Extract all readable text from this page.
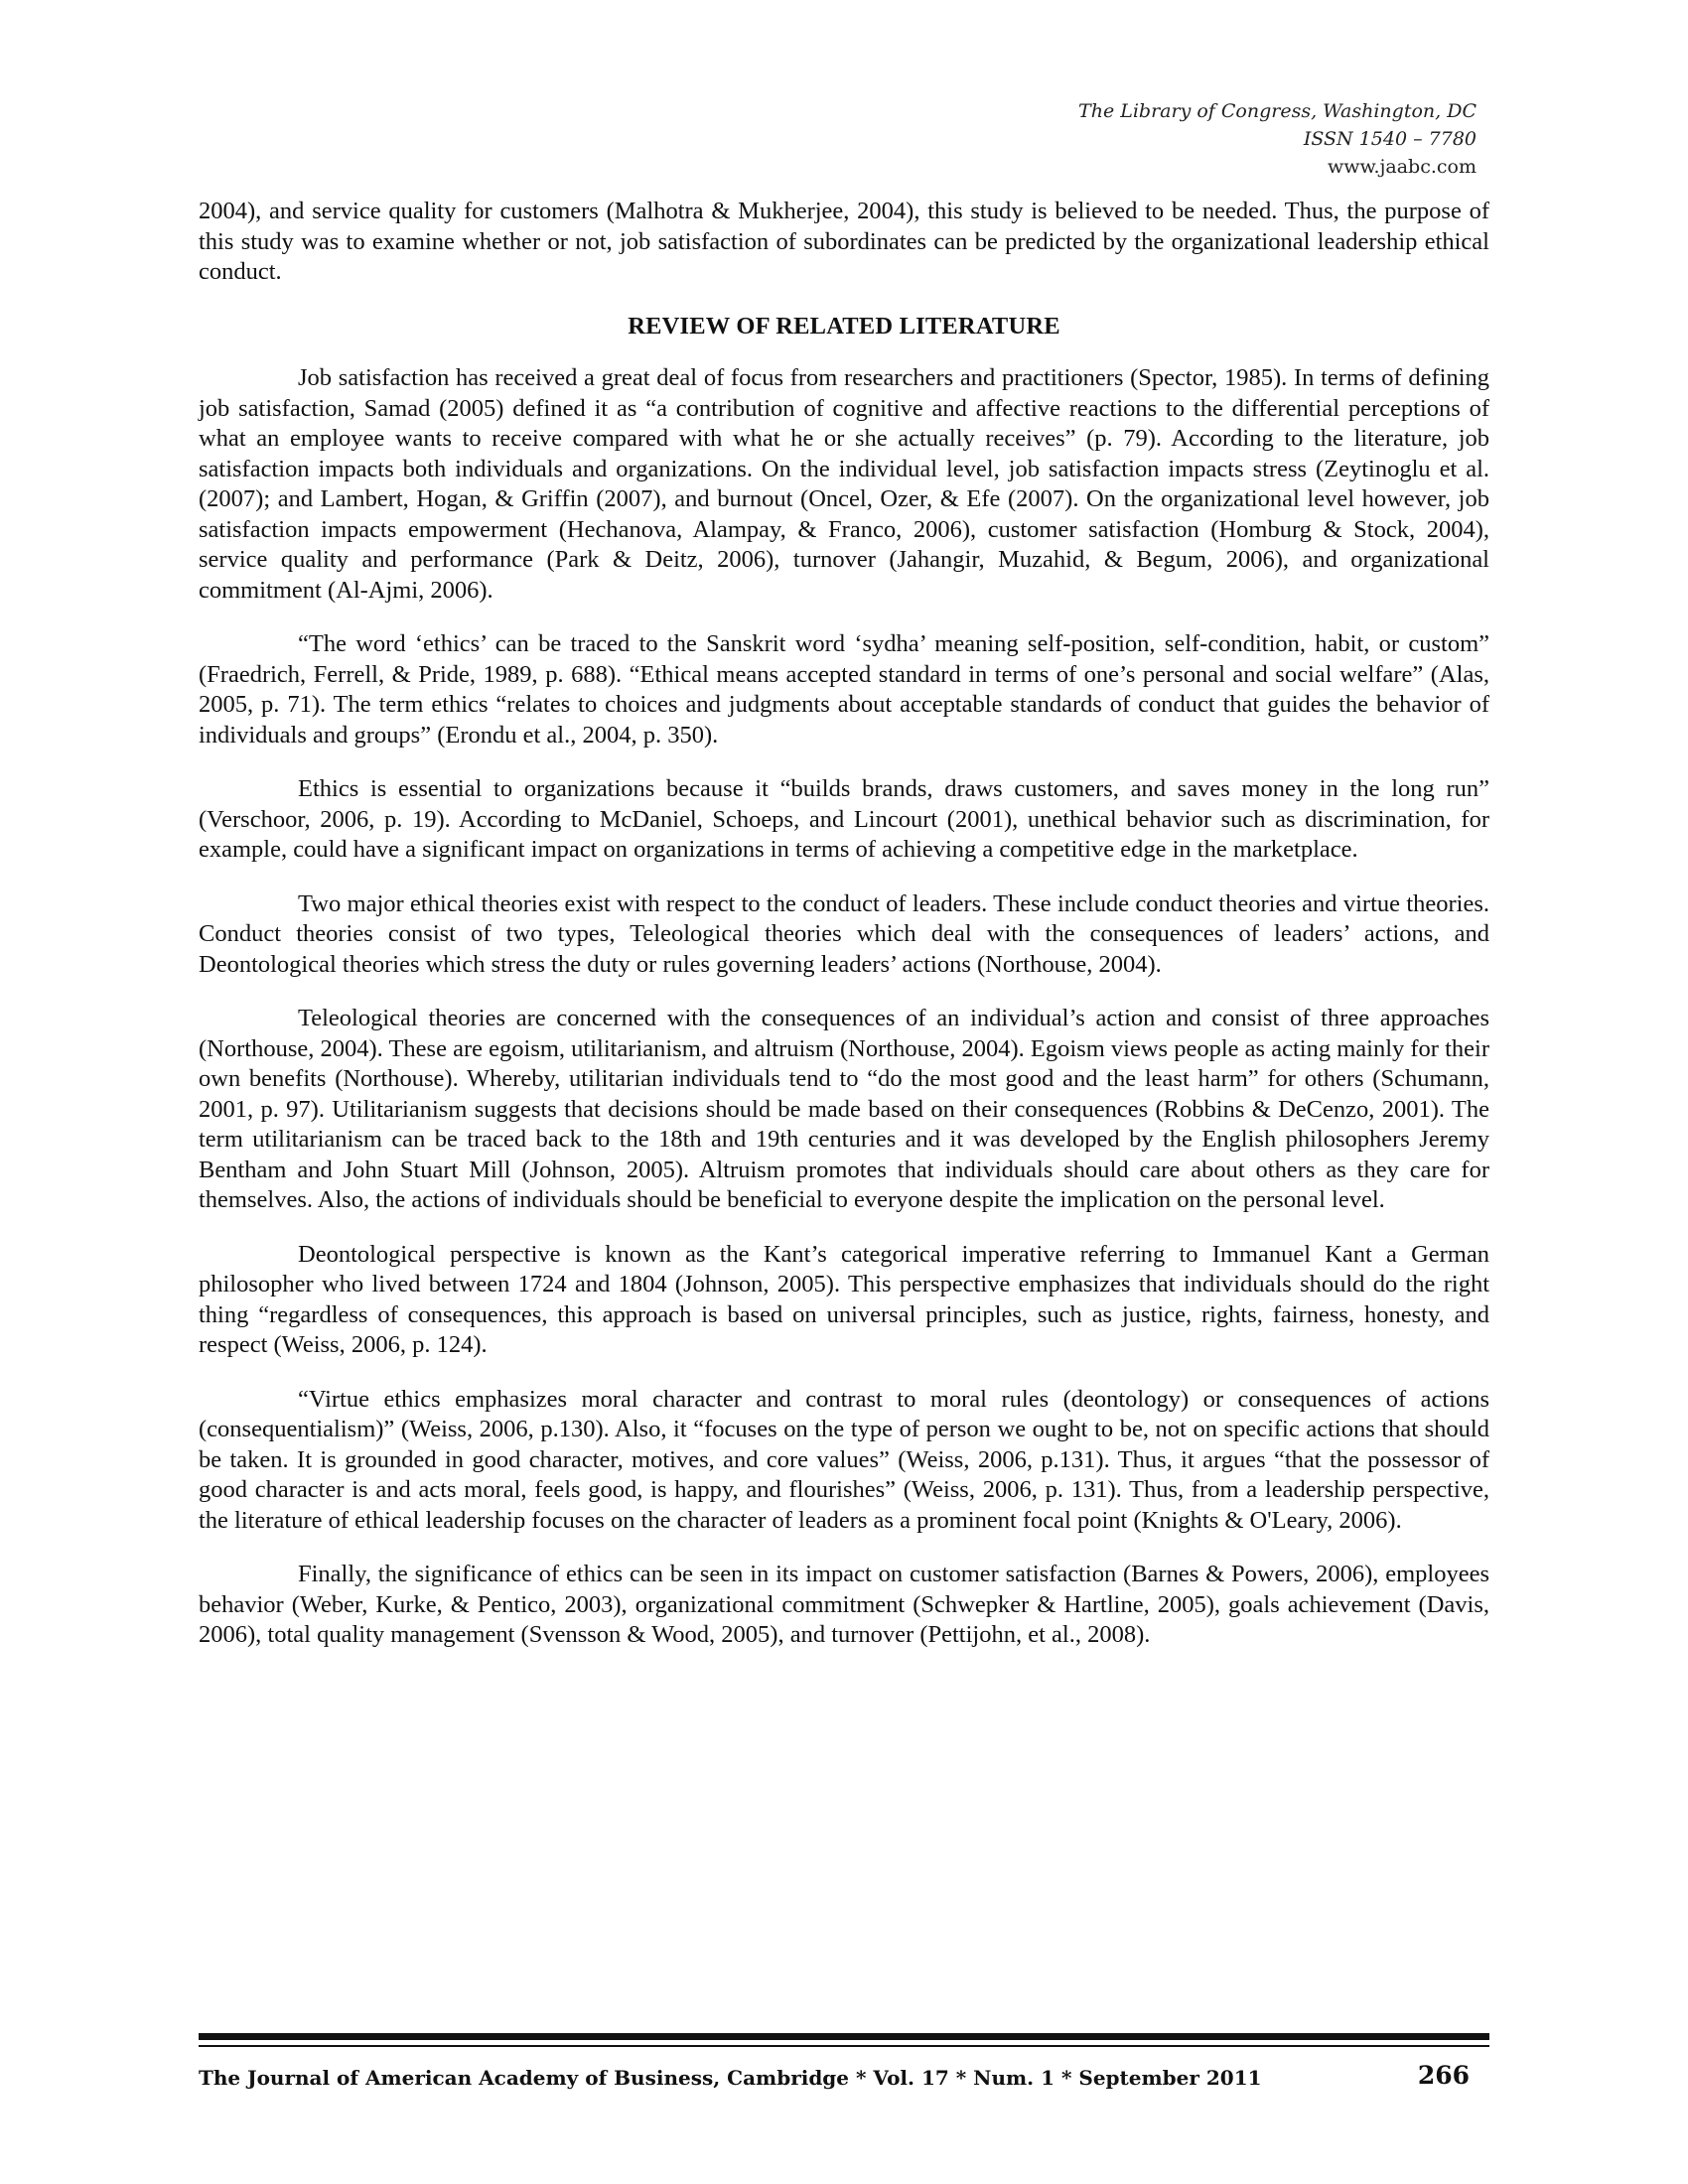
The Library of Congress, Washington, DC
ISSN 1540 – 7780
www.jaabc.com

2004), and service quality for customers (Malhotra & Mukherjee, 2004), this study is believed to be needed. Thus, the purpose of this study was to examine whether or not, job satisfaction of subordinates can be predicted by the organizational leadership ethical conduct.

REVIEW OF RELATED LITERATURE

Job satisfaction has received a great deal of focus from researchers and practitioners (Spector, 1985). In terms of defining job satisfaction, Samad (2005) defined it as “a contribution of cognitive and affective reactions to the differential perceptions of what an employee wants to receive compared with what he or she actually receives” (p. 79). According to the literature, job satisfaction impacts both individuals and organizations. On the individual level, job satisfaction impacts stress (Zeytinoglu et al. (2007); and Lambert, Hogan, & Griffin (2007), and burnout (Oncel, Ozer, & Efe (2007). On the organizational level however, job satisfaction impacts empowerment (Hechanova, Alampay, & Franco, 2006), customer satisfaction (Homburg & Stock, 2004), service quality and performance (Park & Deitz, 2006), turnover (Jahangir, Muzahid, & Begum, 2006), and organizational commitment (Al-Ajmi, 2006).

“The word ‘ethics’ can be traced to the Sanskrit word ‘sydha’ meaning self-position, self-condition, habit, or custom” (Fraedrich, Ferrell, & Pride, 1989, p. 688). “Ethical means accepted standard in terms of one’s personal and social welfare” (Alas, 2005, p. 71). The term ethics “relates to choices and judgments about acceptable standards of conduct that guides the behavior of individuals and groups” (Erondu et al., 2004, p. 350).

Ethics is essential to organizations because it “builds brands, draws customers, and saves money in the long run” (Verschoor, 2006, p. 19). According to McDaniel, Schoeps, and Lincourt (2001), unethical behavior such as discrimination, for example, could have a significant impact on organizations in terms of achieving a competitive edge in the marketplace.

Two major ethical theories exist with respect to the conduct of leaders. These include conduct theories and virtue theories. Conduct theories consist of two types, Teleological theories which deal with the consequences of leaders’ actions, and Deontological theories which stress the duty or rules governing leaders’ actions (Northouse, 2004).

Teleological theories are concerned with the consequences of an individual’s action and consist of three approaches (Northouse, 2004). These are egoism, utilitarianism, and altruism (Northouse, 2004). Egoism views people as acting mainly for their own benefits (Northouse). Whereby, utilitarian individuals tend to “do the most good and the least harm” for others (Schumann, 2001, p. 97). Utilitarianism suggests that decisions should be made based on their consequences (Robbins & DeCenzo, 2001). The term utilitarianism can be traced back to the 18th and 19th centuries and it was developed by the English philosophers Jeremy Bentham and John Stuart Mill (Johnson, 2005). Altruism promotes that individuals should care about others as they care for themselves. Also, the actions of individuals should be beneficial to everyone despite the implication on the personal level.

Deontological perspective is known as the Kant’s categorical imperative referring to Immanuel Kant a German philosopher who lived between 1724 and 1804 (Johnson, 2005). This perspective emphasizes that individuals should do the right thing “regardless of consequences, this approach is based on universal principles, such as justice, rights, fairness, honesty, and respect (Weiss, 2006, p. 124).

“Virtue ethics emphasizes moral character and contrast to moral rules (deontology) or consequences of actions (consequentialism)” (Weiss, 2006, p.130). Also, it “focuses on the type of person we ought to be, not on specific actions that should be taken. It is grounded in good character, motives, and core values” (Weiss, 2006, p.131). Thus, it argues “that the possessor of good character is and acts moral, feels good, is happy, and flourishes” (Weiss, 2006, p. 131). Thus, from a leadership perspective, the literature of ethical leadership focuses on the character of leaders as a prominent focal point (Knights & O'Leary, 2006).

Finally, the significance of ethics can be seen in its impact on customer satisfaction (Barnes & Powers, 2006), employees behavior (Weber, Kurke, & Pentico, 2003), organizational commitment (Schwepker & Hartline, 2005), goals achievement (Davis, 2006), total quality management (Svensson & Wood, 2005), and turnover (Pettijohn, et al., 2008).

The Journal of American Academy of Business, Cambridge * Vol. 17 * Num. 1 * September 2011	266
